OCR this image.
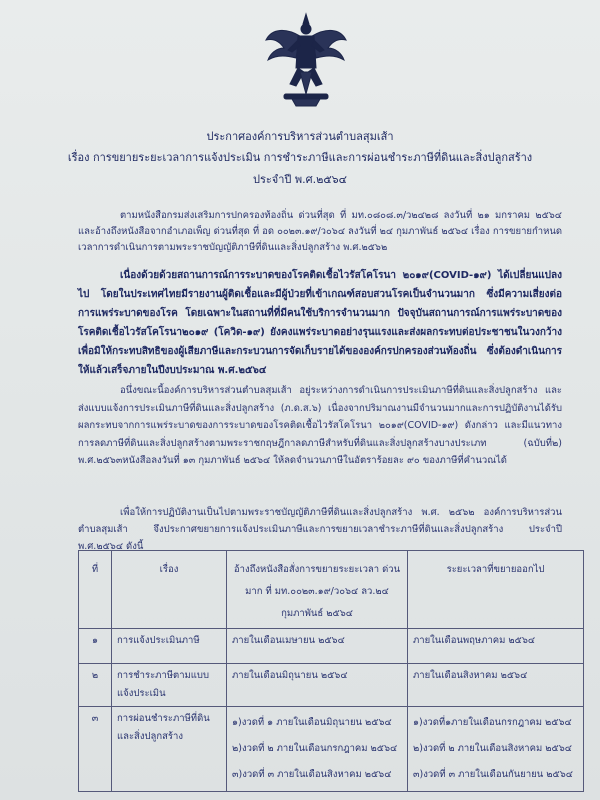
ประกาศองค์การบริหารส่วนตำบลสุมเส้า
เรื่อง การขยายระยะเวลาการแจ้งประเมิน การชำระภาษีและการผ่อนชำระภาษีที่ดินและสิ่งปลูกสร้าง
ประจำปี พ.ศ.๒๕๖๔
ตามหนังสือกรมส่งเสริมการปกครองท้องถิ่น ด่วนที่สุด ที่ มท.๐๘๐๘.๓/ว๒๔๒๘ ลงวันที่ ๒๑ มกราคม ๒๕๖๔ และอ้างถึงหนังสือจากอำเภอเพ็ญ ด่วนที่สุด ที่ อด ๐๐๒๓.๑๙/ว๐๖๔ ลงวันที่ ๒๔ กุมภาพันธ์ ๒๕๖๔ เรื่อง การขยายกำหนดเวลาการดำเนินการตามพระราชบัญญัติภาษีที่ดินและสิ่งปลูกสร้าง พ.ศ.๒๕๖๒
เนื่องด้วยด้วยสถานการณ์การระบาดของโรคติดเชื้อไวรัสโคโรนา ๒๐๑๙(COVID-๑๙) ได้เปลี่ยนแปลงไป โดยในประเทศไทยมีรายงานผู้ติดเชื้อและมีผู้ป่วยที่เข้าเกณฑ์สอบสวนโรคเป็นจำนวนมาก ซึ่งมีความเสี่ยงต่อการแพร่ระบาดของโรค โดยเฉพาะในสถานที่ที่มีคนใช้บริการจำนวนมาก ปัจจุบันสถานการณ์การแพร่ระบาดของโรคติดเชื้อไวรัสโคโรนา๒๐๑๙ (โควิด-๑๙) ยังคงแพร่ระบาดอย่างรุนแรงและส่งผลกระทบต่อประชาชนในวงกว้าง เพื่อมิให้กระทบสิทธิของผู้เสียภาษีและกระบวนการจัดเก็บรายได้ขององค์กรปกครองส่วนท้องถิ่น ซึ่งต้องดำเนินการให้แล้วเสร็จภายในปีงบประมาณ พ.ศ.๒๕๖๔
อนึ่งขณะนี้องค์การบริหารส่วนตำบลสุมเส้า อยู่ระหว่างการดำเนินการประเมินภาษีที่ดินและสิ่งปลูกสร้าง และส่งแบบแจ้งการประเมินภาษีที่ดินและสิ่งปลูกสร้าง (ภ.ด.ส.๖) เนื่องจากปริมาณงานมีจำนวนมากและการปฏิบัติงานได้รับผลกระทบจากการแพร่ระบาดของการระบาดของโรคติดเชื้อไวรัสโคโรนา ๒๐๑๙(COVID-๑๙) ดังกล่าว และมีแนวทางการลดภาษีที่ดินและสิ่งปลูกสร้างตามพระราชกฤษฎีกาลดภาษีสำหรับที่ดินและสิ่งปลูกสร้างบางประเภท (ฉบับที่๒) พ.ศ.๒๕๖๓หนังสือลงวันที่ ๑๓ กุมภาพันธ์ ๒๕๖๔ ให้ลดจำนวนภาษีในอัตราร้อยละ ๙๐ ของภาษีที่คำนวณได้
เพื่อให้การปฏิบัติงานเป็นไปตามพระราชบัญญัติภาษีที่ดินและสิ่งปลูกสร้าง พ.ศ. ๒๕๖๒ องค์การบริหารส่วนตำบลสุมเส้า จึงประกาศขยายการแจ้งประเมินภาษีและการขยายเวลาชำระภาษีที่ดินและสิ่งปลูกสร้าง ประจำปี พ.ศ.๒๕๖๔ ดังนี้
ที่	เรื่อง	อ้างถึงหนังสือสั่งการขยายระยะเวลา ด่วนมาก ที่ มท.๐๐๒๓.๑๙/ว๐๖๔ ลว.๒๔ กุมภาพันธ์ ๒๕๖๔	ระยะเวลาที่ขยายออกไป
๑	การแจ้งประเมินภาษี	ภายในเดือนเมษายน ๒๕๖๔	ภายในเดือนพฤษภาคม ๒๕๖๔
๒	การชำระภาษีตามแบบแจ้งประเมิน	ภายในเดือนมิถุนายน ๒๕๖๔	ภายในเดือนสิงหาคม ๒๕๖๔
๓	การผ่อนชำระภาษีที่ดินและสิ่งปลูกสร้าง	๑)งวดที่ ๑ ภายในเดือนมิถุนายน ๒๕๖๔
๒)งวดที่ ๒ ภายในเดือนกรกฎาคม ๒๕๖๔
๓)งวดที่ ๓ ภายในเดือนสิงหาคม ๒๕๖๔	๑)งวดที่๑ภายในเดือนกรกฎาคม ๒๕๖๔
๒)งวดที่ ๒ ภายในเดือนสิงหาคม ๒๕๖๔
๓)งวดที่ ๓ ภายในเดือนกันยายน ๒๕๖๔
